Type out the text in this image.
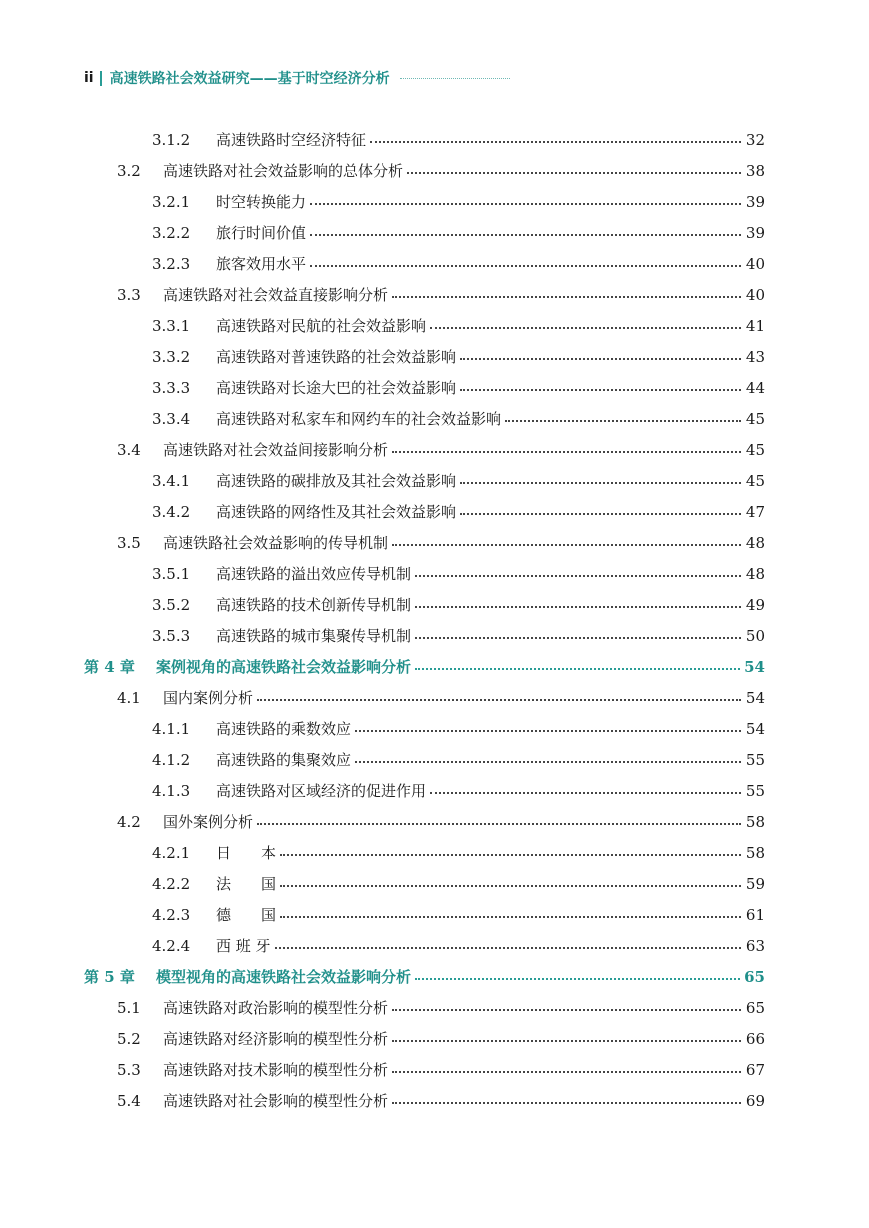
ii 高速铁路社会效益研究——基于时空经济分析
3.1.2	高速铁路时空经济特征	32
3.2	高速铁路对社会效益影响的总体分析	38
3.2.1	时空转换能力	39
3.2.2	旅行时间价值	39
3.2.3	旅客效用水平	40
3.3	高速铁路对社会效益直接影响分析	40
3.3.1	高速铁路对民航的社会效益影响	41
3.3.2	高速铁路对普速铁路的社会效益影响	43
3.3.3	高速铁路对长途大巴的社会效益影响	44
3.3.4	高速铁路对私家车和网约车的社会效益影响	45
3.4	高速铁路对社会效益间接影响分析	45
3.4.1	高速铁路的碳排放及其社会效益影响	45
3.4.2	高速铁路的网络性及其社会效益影响	47
3.5	高速铁路社会效益影响的传导机制	48
3.5.1	高速铁路的溢出效应传导机制	48
3.5.2	高速铁路的技术创新传导机制	49
3.5.3	高速铁路的城市集聚传导机制	50
第 4 章	案例视角的高速铁路社会效益影响分析	54
4.1	国内案例分析	54
4.1.1	高速铁路的乘数效应	54
4.1.2	高速铁路的集聚效应	55
4.1.3	高速铁路对区域经济的促进作用	55
4.2	国外案例分析	58
4.2.1	日　　本	58
4.2.2	法　　国	59
4.2.3	德　　国	61
4.2.4	西 班 牙	63
第 5 章	模型视角的高速铁路社会效益影响分析	65
5.1	高速铁路对政治影响的模型性分析	65
5.2	高速铁路对经济影响的模型性分析	66
5.3	高速铁路对技术影响的模型性分析	67
5.4	高速铁路对社会影响的模型性分析	69
